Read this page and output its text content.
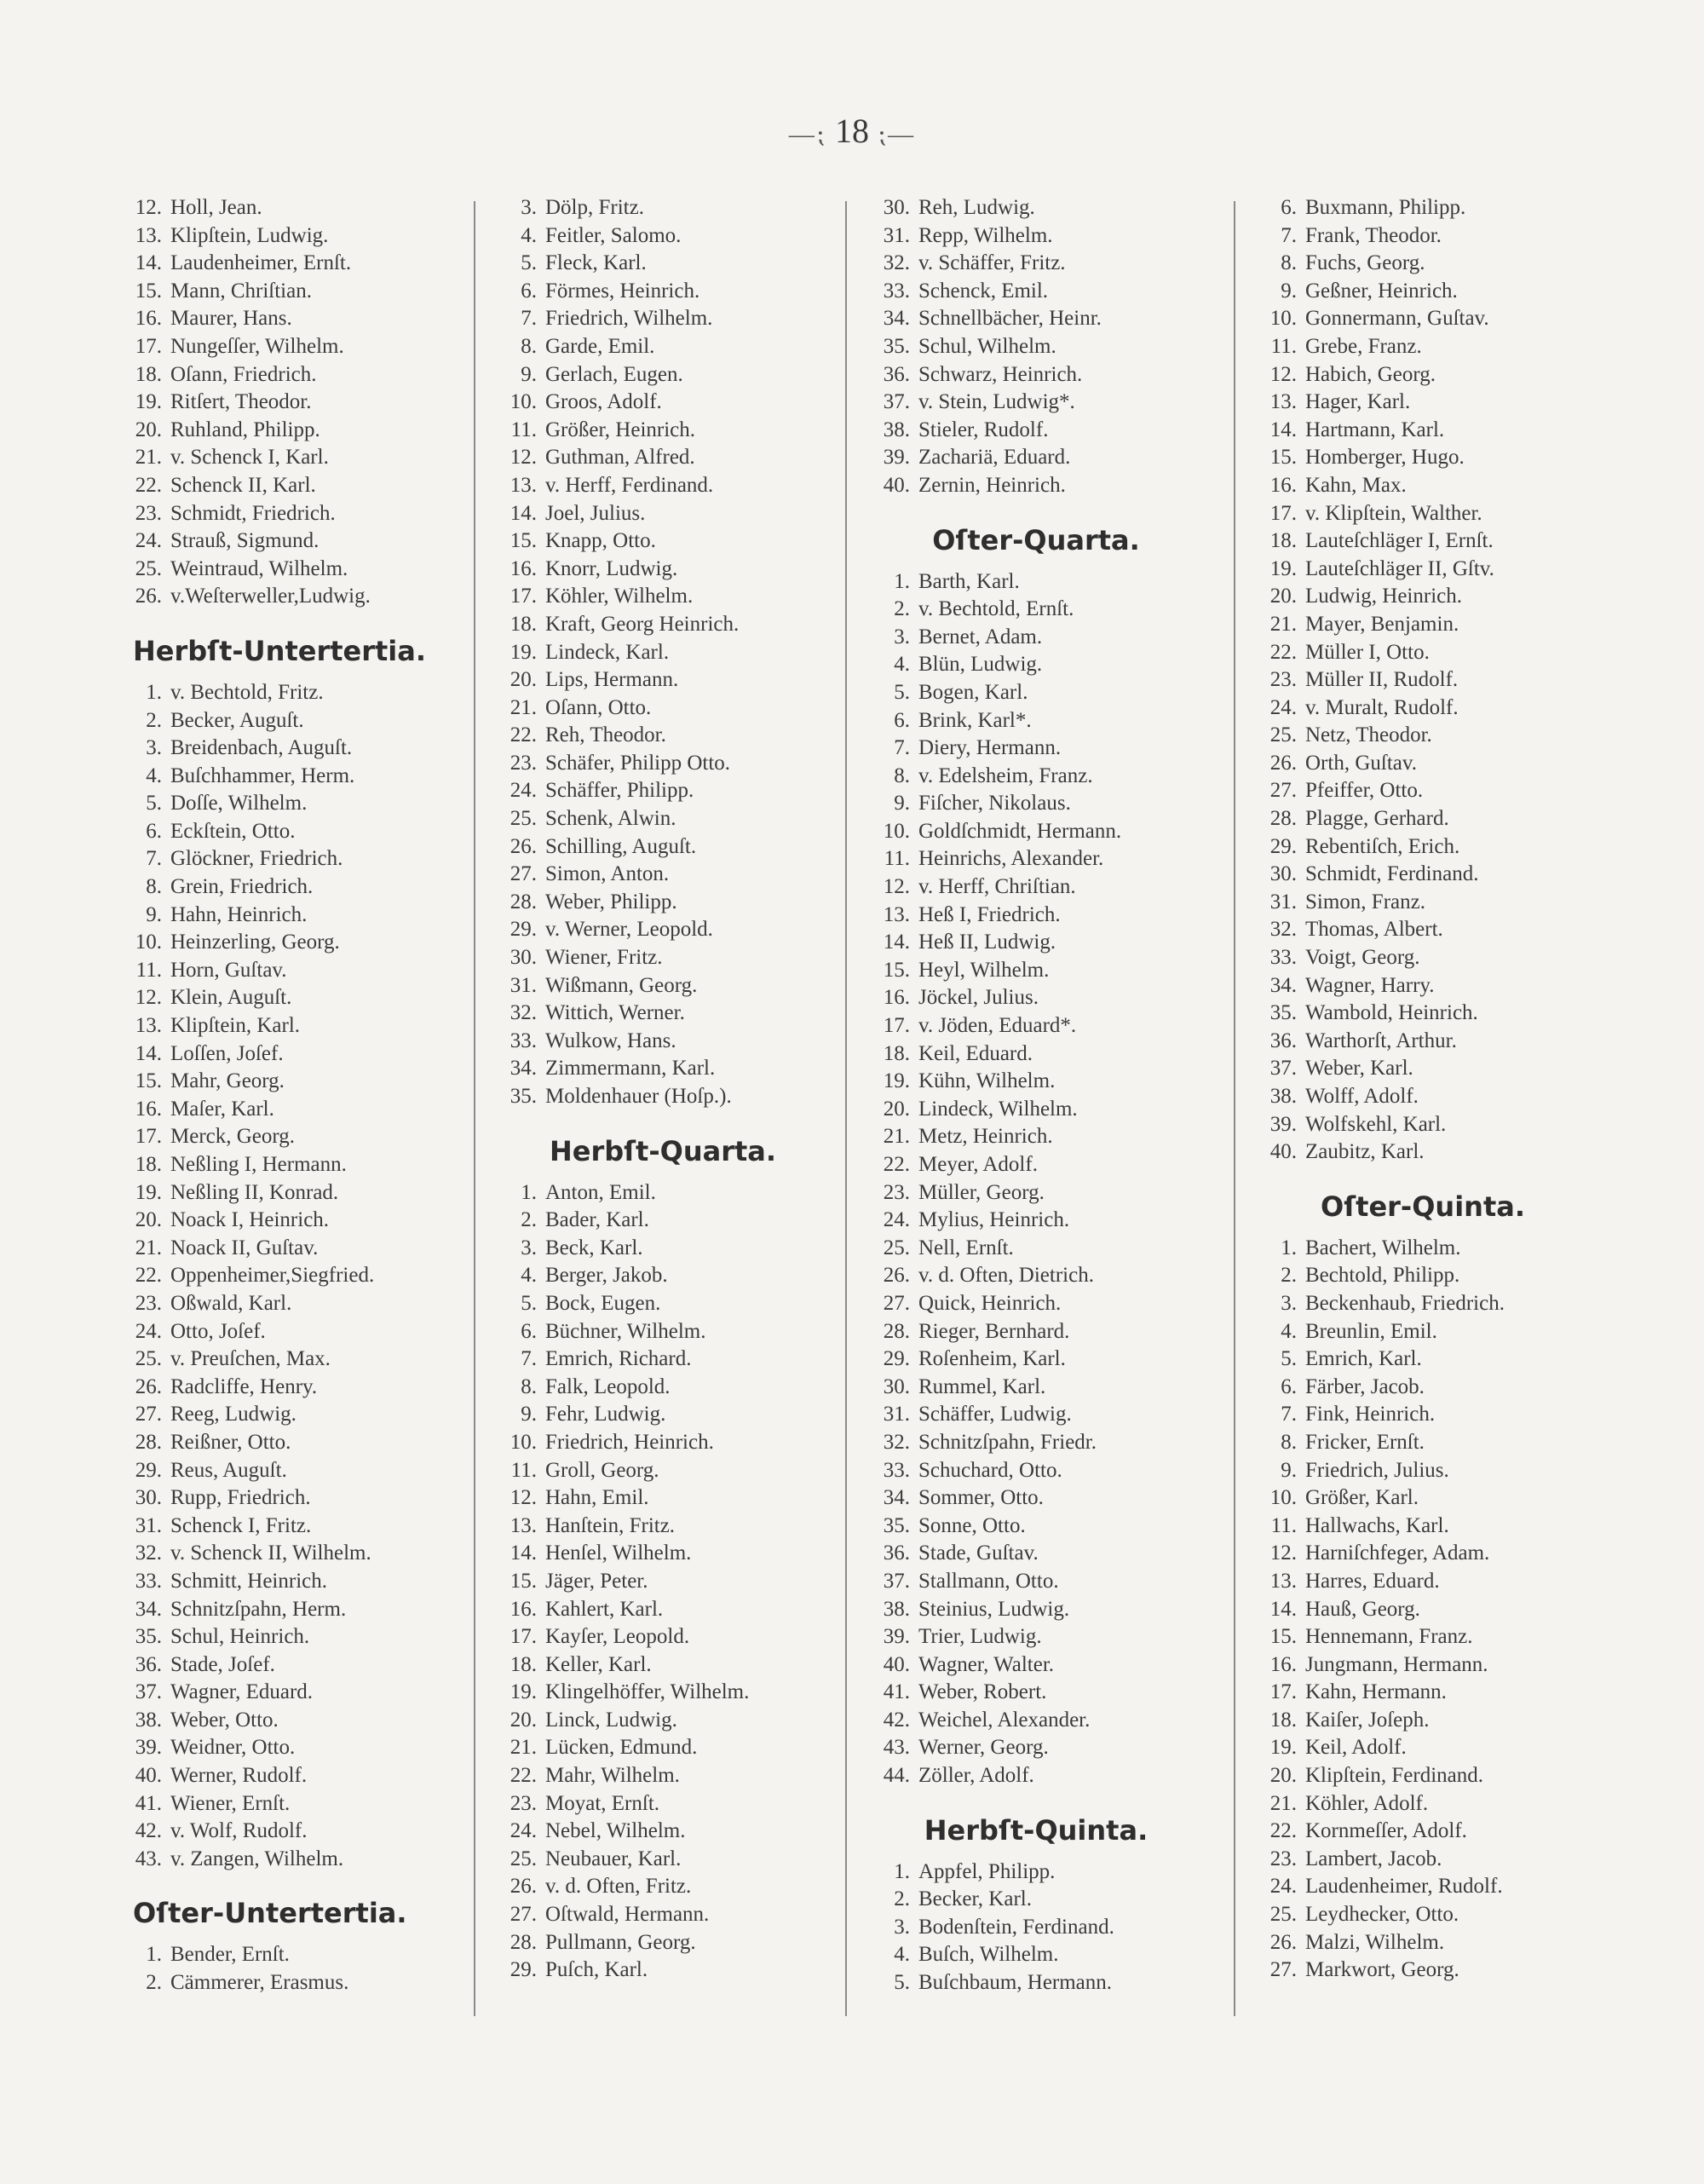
—⁏ 18 ⁏—
12. Holl, Jean.
13. Klipſtein, Ludwig.
14. Laudenheimer, Ernſt.
15. Mann, Chriſtian.
16. Maurer, Hans.
17. Nungeſſer, Wilhelm.
18. Oſann, Friedrich.
19. Ritſert, Theodor.
20. Ruhland, Philipp.
21. v. Schenck I, Karl.
22. Schenck II, Karl.
23. Schmidt, Friedrich.
24. Strauß, Sigmund.
25. Weintraud, Wilhelm.
26. v.Weſterweller,Ludwig.
Herbſt-Untertertia.
1. v. Bechtold, Fritz.
2. Becker, Auguſt.
3. Breidenbach, Auguſt.
4. Buſchhammer, Herm.
5. Doſſe, Wilhelm.
6. Eckſtein, Otto.
7. Glöckner, Friedrich.
8. Grein, Friedrich.
9. Hahn, Heinrich.
10. Heinzerling, Georg.
11. Horn, Guſtav.
12. Klein, Auguſt.
13. Klipſtein, Karl.
14. Loſſen, Joſef.
15. Mahr, Georg.
16. Maſer, Karl.
17. Merck, Georg.
18. Neßling I, Hermann.
19. Neßling II, Konrad.
20. Noack I, Heinrich.
21. Noack II, Guſtav.
22. Oppenheimer,Siegfried.
23. Oßwald, Karl.
24. Otto, Joſef.
25. v. Preuſchen, Max.
26. Radcliffe, Henry.
27. Reeg, Ludwig.
28. Reißner, Otto.
29. Reus, Auguſt.
30. Rupp, Friedrich.
31. Schenck I, Fritz.
32. v. Schenck II, Wilhelm.
33. Schmitt, Heinrich.
34. Schnitzſpahn, Herm.
35. Schul, Heinrich.
36. Stade, Joſef.
37. Wagner, Eduard.
38. Weber, Otto.
39. Weidner, Otto.
40. Werner, Rudolf.
41. Wiener, Ernſt.
42. v. Wolf, Rudolf.
43. v. Zangen, Wilhelm.
Oſter-Untertertia.
1. Bender, Ernſt.
2. Cämmerer, Erasmus.
3. Dölp, Fritz.
4. Feitler, Salomo.
5. Fleck, Karl.
6. Förmes, Heinrich.
7. Friedrich, Wilhelm.
8. Garde, Emil.
9. Gerlach, Eugen.
10. Groos, Adolf.
11. Größer, Heinrich.
12. Guthman, Alfred.
13. v. Herff, Ferdinand.
14. Joel, Julius.
15. Knapp, Otto.
16. Knorr, Ludwig.
17. Köhler, Wilhelm.
18. Kraft, Georg Heinrich.
19. Lindeck, Karl.
20. Lips, Hermann.
21. Oſann, Otto.
22. Reh, Theodor.
23. Schäfer, Philipp Otto.
24. Schäffer, Philipp.
25. Schenk, Alwin.
26. Schilling, Auguſt.
27. Simon, Anton.
28. Weber, Philipp.
29. v. Werner, Leopold.
30. Wiener, Fritz.
31. Wißmann, Georg.
32. Wittich, Werner.
33. Wulkow, Hans.
34. Zimmermann, Karl.
35. Moldenhauer (Hoſp.).
Herbſt-Quarta.
1. Anton, Emil.
2. Bader, Karl.
3. Beck, Karl.
4. Berger, Jakob.
5. Bock, Eugen.
6. Büchner, Wilhelm.
7. Emrich, Richard.
8. Falk, Leopold.
9. Fehr, Ludwig.
10. Friedrich, Heinrich.
11. Groll, Georg.
12. Hahn, Emil.
13. Hanſtein, Fritz.
14. Henſel, Wilhelm.
15. Jäger, Peter.
16. Kahlert, Karl.
17. Kayſer, Leopold.
18. Keller, Karl.
19. Klingelhöffer, Wilhelm.
20. Linck, Ludwig.
21. Lücken, Edmund.
22. Mahr, Wilhelm.
23. Moyat, Ernſt.
24. Nebel, Wilhelm.
25. Neubauer, Karl.
26. v. d. Often, Fritz.
27. Oſtwald, Hermann.
28. Pullmann, Georg.
29. Puſch, Karl.
30. Reh, Ludwig.
31. Repp, Wilhelm.
32. v. Schäffer, Fritz.
33. Schenck, Emil.
34. Schnellbächer, Heinr.
35. Schul, Wilhelm.
36. Schwarz, Heinrich.
37. v. Stein, Ludwig*.
38. Stieler, Rudolf.
39. Zachariä, Eduard.
40. Zernin, Heinrich.
Oſter-Quarta.
1. Barth, Karl.
2. v. Bechtold, Ernſt.
3. Bernet, Adam.
4. Blün, Ludwig.
5. Bogen, Karl.
6. Brink, Karl*.
7. Diery, Hermann.
8. v. Edelsheim, Franz.
9. Fiſcher, Nikolaus.
10. Goldſchmidt, Hermann.
11. Heinrichs, Alexander.
12. v. Herff, Chriſtian.
13. Heß I, Friedrich.
14. Heß II, Ludwig.
15. Heyl, Wilhelm.
16. Jöckel, Julius.
17. v. Jöden, Eduard*.
18. Keil, Eduard.
19. Kühn, Wilhelm.
20. Lindeck, Wilhelm.
21. Metz, Heinrich.
22. Meyer, Adolf.
23. Müller, Georg.
24. Mylius, Heinrich.
25. Nell, Ernſt.
26. v. d. Often, Dietrich.
27. Quick, Heinrich.
28. Rieger, Bernhard.
29. Roſenheim, Karl.
30. Rummel, Karl.
31. Schäffer, Ludwig.
32. Schnitzſpahn, Friedr.
33. Schuchard, Otto.
34. Sommer, Otto.
35. Sonne, Otto.
36. Stade, Guſtav.
37. Stallmann, Otto.
38. Steinius, Ludwig.
39. Trier, Ludwig.
40. Wagner, Walter.
41. Weber, Robert.
42. Weichel, Alexander.
43. Werner, Georg.
44. Zöller, Adolf.
Herbſt-Quinta.
1. Appfel, Philipp.
2. Becker, Karl.
3. Bodenſtein, Ferdinand.
4. Buſch, Wilhelm.
5. Buſchbaum, Hermann.
6. Buxmann, Philipp.
7. Frank, Theodor.
8. Fuchs, Georg.
9. Geßner, Heinrich.
10. Gonnermann, Guſtav.
11. Grebe, Franz.
12. Habich, Georg.
13. Hager, Karl.
14. Hartmann, Karl.
15. Homberger, Hugo.
16. Kahn, Max.
17. v. Klipſtein, Walther.
18. Lauteſchläger I, Ernſt.
19. Lauteſchläger II, Gſtv.
20. Ludwig, Heinrich.
21. Mayer, Benjamin.
22. Müller I, Otto.
23. Müller II, Rudolf.
24. v. Muralt, Rudolf.
25. Netz, Theodor.
26. Orth, Guſtav.
27. Pfeiffer, Otto.
28. Plagge, Gerhard.
29. Rebentiſch, Erich.
30. Schmidt, Ferdinand.
31. Simon, Franz.
32. Thomas, Albert.
33. Voigt, Georg.
34. Wagner, Harry.
35. Wambold, Heinrich.
36. Warthorſt, Arthur.
37. Weber, Karl.
38. Wolff, Adolf.
39. Wolfskehl, Karl.
40. Zaubitz, Karl.
Oſter-Quinta.
1. Bachert, Wilhelm.
2. Bechtold, Philipp.
3. Beckenhaub, Friedrich.
4. Breunlin, Emil.
5. Emrich, Karl.
6. Färber, Jacob.
7. Fink, Heinrich.
8. Fricker, Ernſt.
9. Friedrich, Julius.
10. Größer, Karl.
11. Hallwachs, Karl.
12. Harniſchfeger, Adam.
13. Harres, Eduard.
14. Hauß, Georg.
15. Hennemann, Franz.
16. Jungmann, Hermann.
17. Kahn, Hermann.
18. Kaiſer, Joſeph.
19. Keil, Adolf.
20. Klipſtein, Ferdinand.
21. Köhler, Adolf.
22. Kornmeſſer, Adolf.
23. Lambert, Jacob.
24. Laudenheimer, Rudolf.
25. Leydhecker, Otto.
26. Malzi, Wilhelm.
27. Markwort, Georg.
